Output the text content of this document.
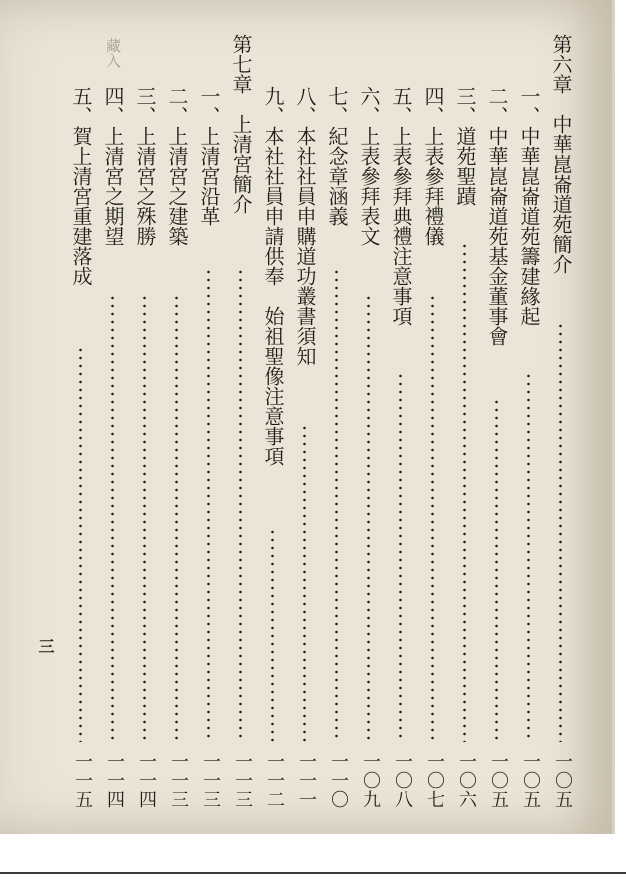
藏入	第六章　中華崑崙道苑簡介
一〇五
一、中華崑崙道苑籌建緣起
一〇五
二、中華崑崙道苑基金董事會
一〇五
三、道苑聖蹟
一〇六
四、上表參拜禮儀
一〇七
五、上表參拜典禮注意事項
一〇八
六、上表參拜表文
一〇九
七、紀念章涵義
一一〇
八、本社社員申購道功叢書須知
一一一
九、本社社員申請供奉　始祖聖像注意事項
一一二
第七章　上清宮簡介
一一三
一、上清宮沿革
一一三
二、上清宮之建築
一一三
三、上清宮之殊勝
一一四
四、上清宮之期望
一一四
五、賀上清宮重建落成
一一五
三
